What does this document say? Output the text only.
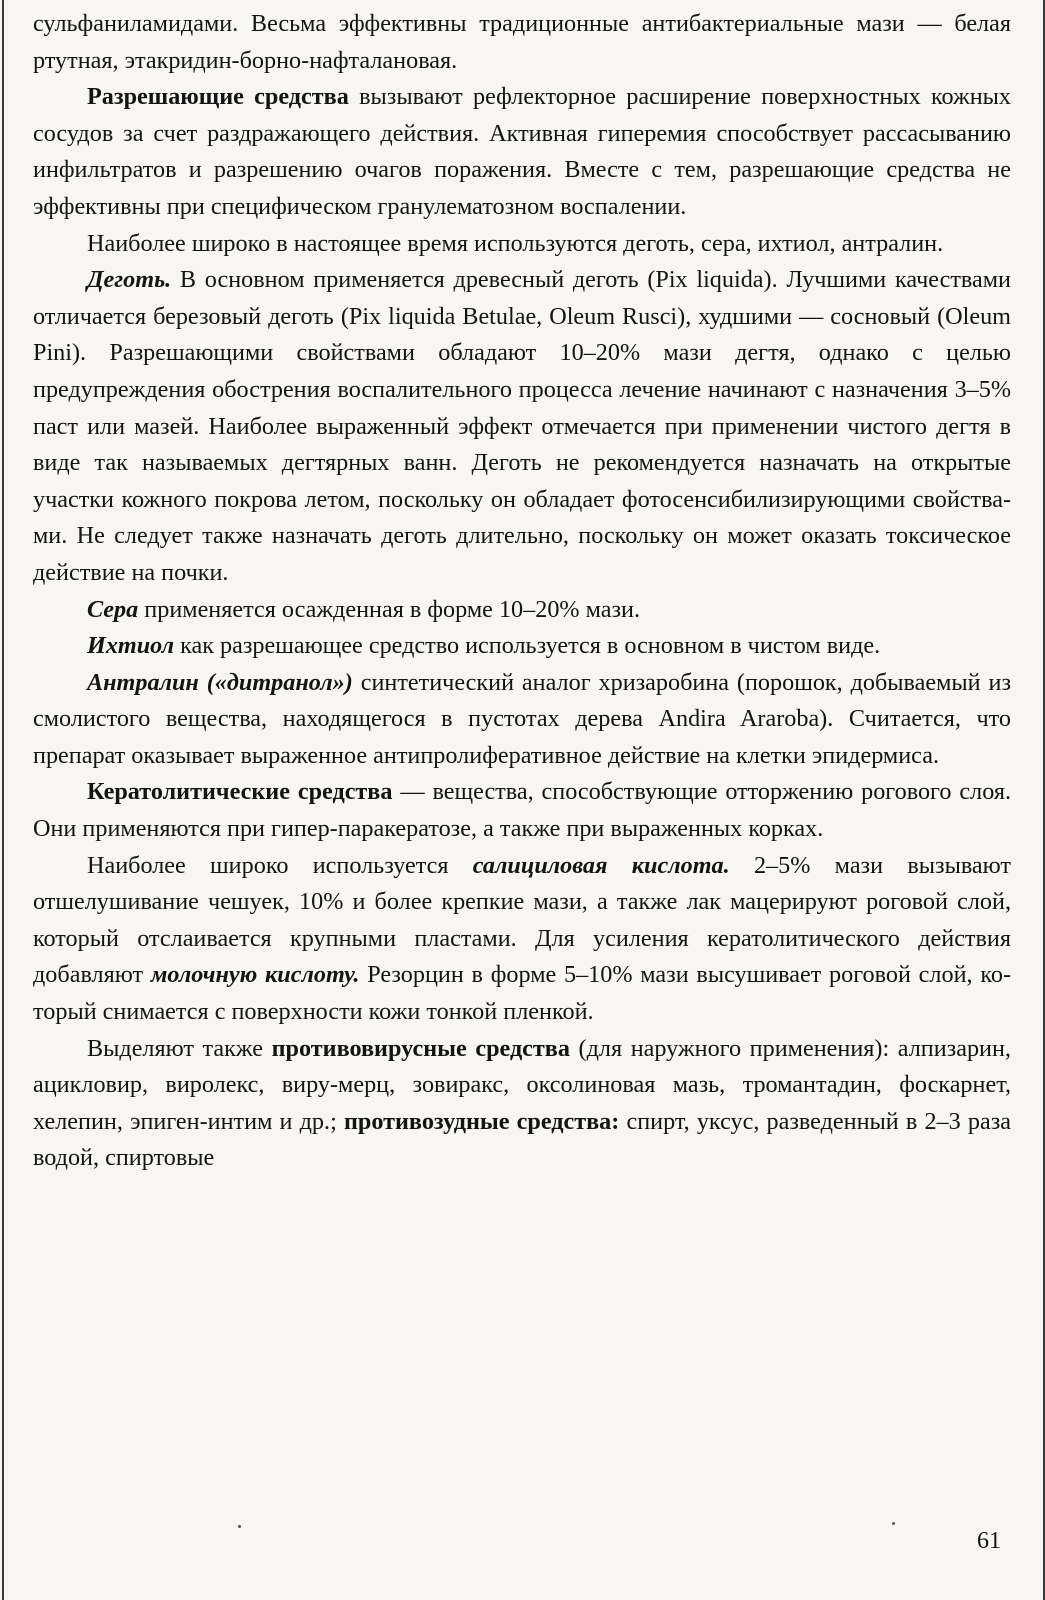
сульфаниламидами. Весьма эффективны традиционные антибактериальные мази — белая ртутная, этакридин-борно-нафталановая.

Разрешающие средства вызывают рефлекторное расширение поверхностных кожных сосудов за счет раздражающего действия. Активная гиперемия способствует рассасыванию инфильтратов и разрешению очагов поражения. Вместе с тем, разрешающие средства не эффективны при специфическом гранулематозном воспалении.

Наиболее широко в настоящее время используются деготь, сера, ихтиол, антралин.

Деготь. В основном применяется древесный деготь (Pix liquida). Лучшими качествами отличается березовый деготь (Pix liquida Betulae, Oleum Rusci), худшими — сосновый (Oleum Pini). Разрешающими свойствами обладают 10–20% мази дегтя, однако с целью предупреждения обострения воспалительного процесса лечение начинают с назначения 3–5% паст или мазей. Наиболее выраженный эффект отмечается при применении чистого дегтя в виде так называемых дегтярных ванн. Деготь не рекомендуется назначать на открытые участки кожного покрова летом, поскольку он обладает фотосенсибилизирующими свойствами. Не следует также назначать деготь длительно, поскольку он может оказать токсическое действие на почки.

Сера применяется осажденная в форме 10–20% мази.

Ихтиол как разрешающее средство используется в основном в чистом виде.

Антралин («дитранол») синтетический аналог хризаробина (порошок, добываемый из смолистого вещества, находящегося в пустотах дерева Andira Araroba). Считается, что препарат оказывает выраженное антипролиферативное действие на клетки эпидермиса.

Кератолитические средства — вещества, способствующие отторжению рогового слоя. Они применяются при гипер-паракератозе, а также при выраженных корках.

Наиболее широко используется салициловая кислота. 2–5% мази вызывают отшелушивание чешуек, 10% и более крепкие мази, а также лак мацерируют роговой слой, который отслаивается крупными пластами. Для усиления кератолитического действия добавляют молочную кислоту. Резорцин в форме 5–10% мази высушивает роговой слой, который снимается с поверхности кожи тонкой пленкой.

Выделяют также противовирусные средства (для наружного применения): алпизарин, ацикловир, виролекс, виру-мерц, зовиракс, оксолиновая мазь, тромантадин, фоскарнет, хелепин, эпиген-интим и др.; противозудные средства: спирт, уксус, разведенный в 2–3 раза водой, спиртовые

61
